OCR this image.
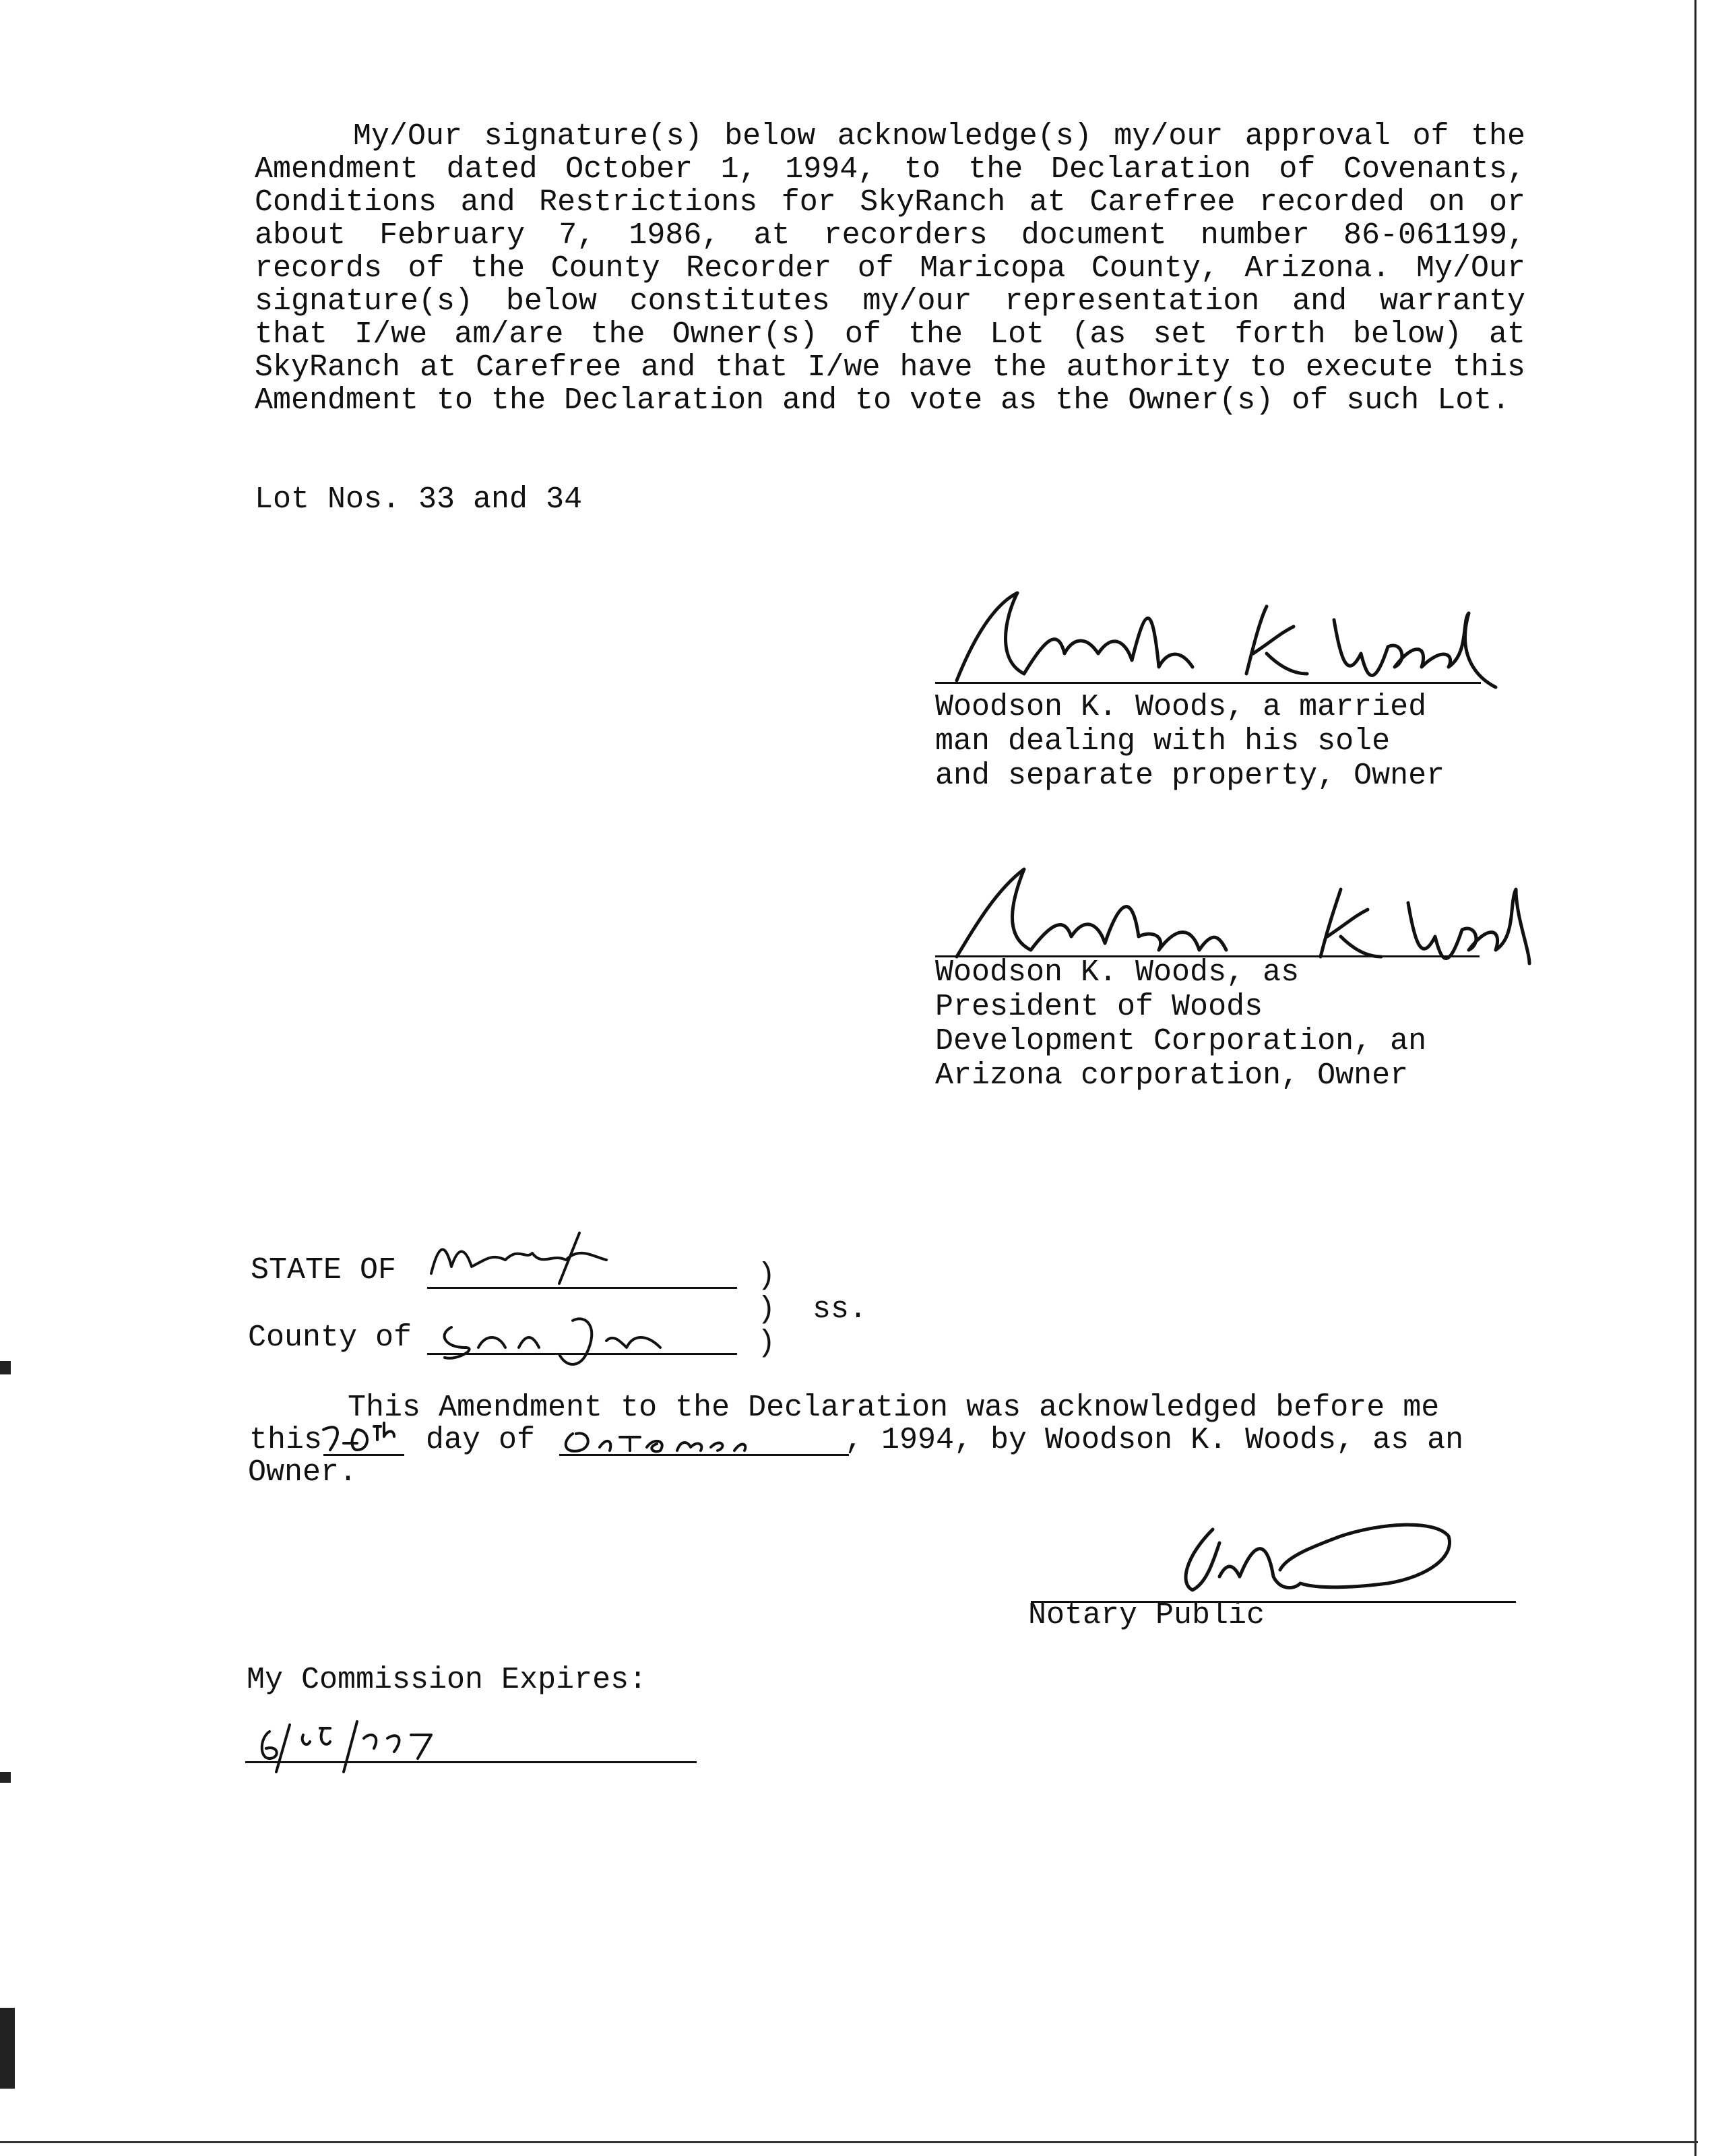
My/Our signature(s) below acknowledge(s) my/our approval of the Amendment dated October 1, 1994, to the Declaration of Covenants, Conditions and Restrictions for SkyRanch at Carefree recorded on or about February 7, 1986, at recorders document number 86-061199, records of the County Recorder of Maricopa County, Arizona. My/Our signature(s) below constitutes my/our representation and warranty that I/we am/are the Owner(s) of the Lot (as set forth below) at SkyRanch at Carefree and that I/we have the authority to execute this Amendment to the Declaration and to vote as the Owner(s) of such Lot.
Lot Nos. 33 and 34
Woodson K. Woods, a married
man dealing with his sole
and separate property, Owner
Woodson K. Woods, as
President of Woods
Development Corporation, an
Arizona corporation, Owner
STATE OF	)
) ss.
County of	)
This Amendment to the Declaration was acknowledged before me
this	day of	, 1994, by Woodson K. Woods, as an
Owner.
Notary Public
My Commission Expires:
